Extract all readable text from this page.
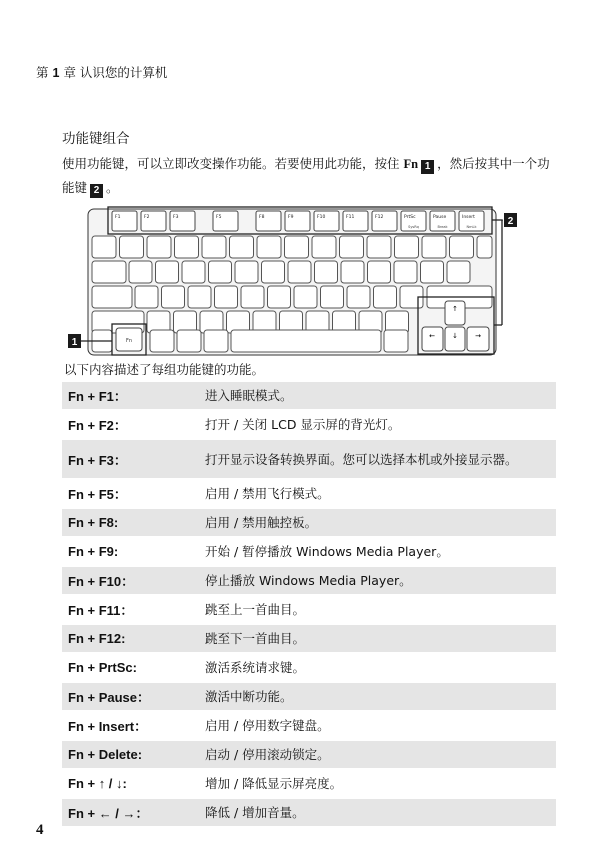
第 1 章 认识您的计算机
功能键组合
使用功能键，可以立即改变操作功能。若要使用此功能，按住 Fn 1 ，然后按其中一个功能键 2 。
F1	F2	F3	F5	F8	F9	F10	F11	F12	PrtSc
SysRq
Pause
Break
Insert
NmLk	2
1	Fn
↑
← ↓ →
以下内容描述了每组功能键的功能。
Fn + F1：	进入睡眠模式。
Fn + F2：	打开 / 关闭 LCD 显示屏的背光灯。
Fn + F3：	打开显示设备转换界面。您可以选择本机或外接显示器。
Fn + F5：	启用 / 禁用飞行模式。
Fn + F8:	启用 / 禁用触控板。
Fn + F9:	开始 / 暂停播放 Windows Media Player。
Fn + F10：	停止播放 Windows Media Player。
Fn + F11：	跳至上一首曲目。
Fn + F12:	跳至下一首曲目。
Fn + PrtSc:	激活系统请求键。
Fn + Pause：	激活中断功能。
Fn + Insert：	启用 / 停用数字键盘。
Fn + Delete:	启动 / 停用滚动锁定。
Fn + ↑ / ↓:	增加 / 降低显示屏亮度。
Fn + ← / →：	降低 / 增加音量。
4
